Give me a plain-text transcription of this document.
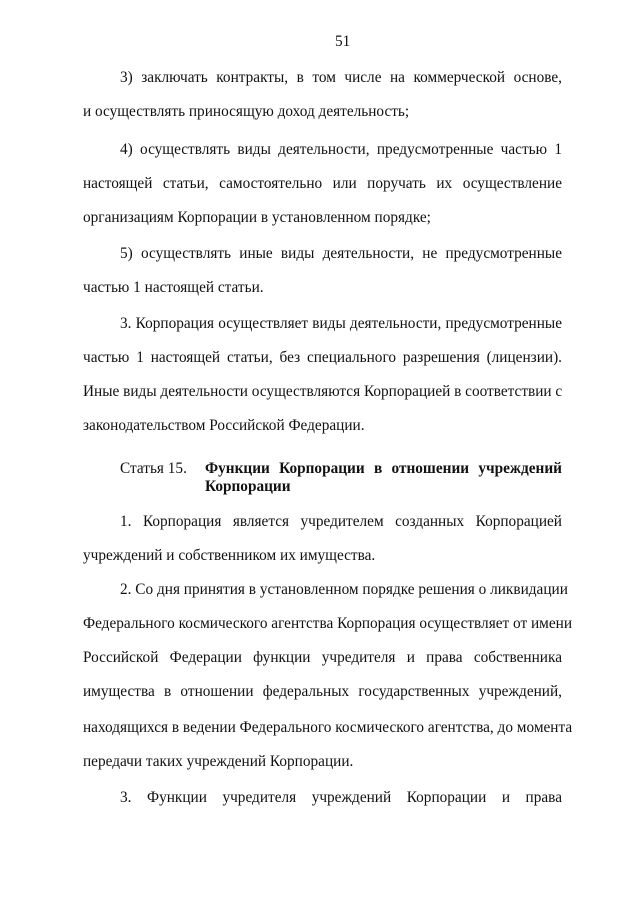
51
3) заключать контракты, в том числе на коммерческой основе,
и осуществлять приносящую доход деятельность;
4) осуществлять виды деятельности, предусмотренные частью 1
настоящей статьи, самостоятельно или поручать их осуществление
организациям Корпорации в установленном порядке;
5) осуществлять иные виды деятельности, не предусмотренные
частью 1 настоящей статьи.
3. Корпорация осуществляет виды деятельности, предусмотренные
частью 1 настоящей статьи, без специального разрешения (лицензии).
Иные виды деятельности осуществляются Корпорацией в соответствии с
законодательством Российской Федерации.
Статья 15. Функции Корпорации в отношении учреждений
Корпорации
1. Корпорация является учредителем созданных Корпорацией
учреждений и собственником их имущества.
2. Со дня принятия в установленном порядке решения о ликвидации
Федерального космического агентства Корпорация осуществляет от имени
Российской Федерации функции учредителя и права собственника
имущества в отношении федеральных государственных учреждений,
находящихся в ведении Федерального космического агентства, до момента
передачи таких учреждений Корпорации.
3. Функции учредителя учреждений Корпорации и права
